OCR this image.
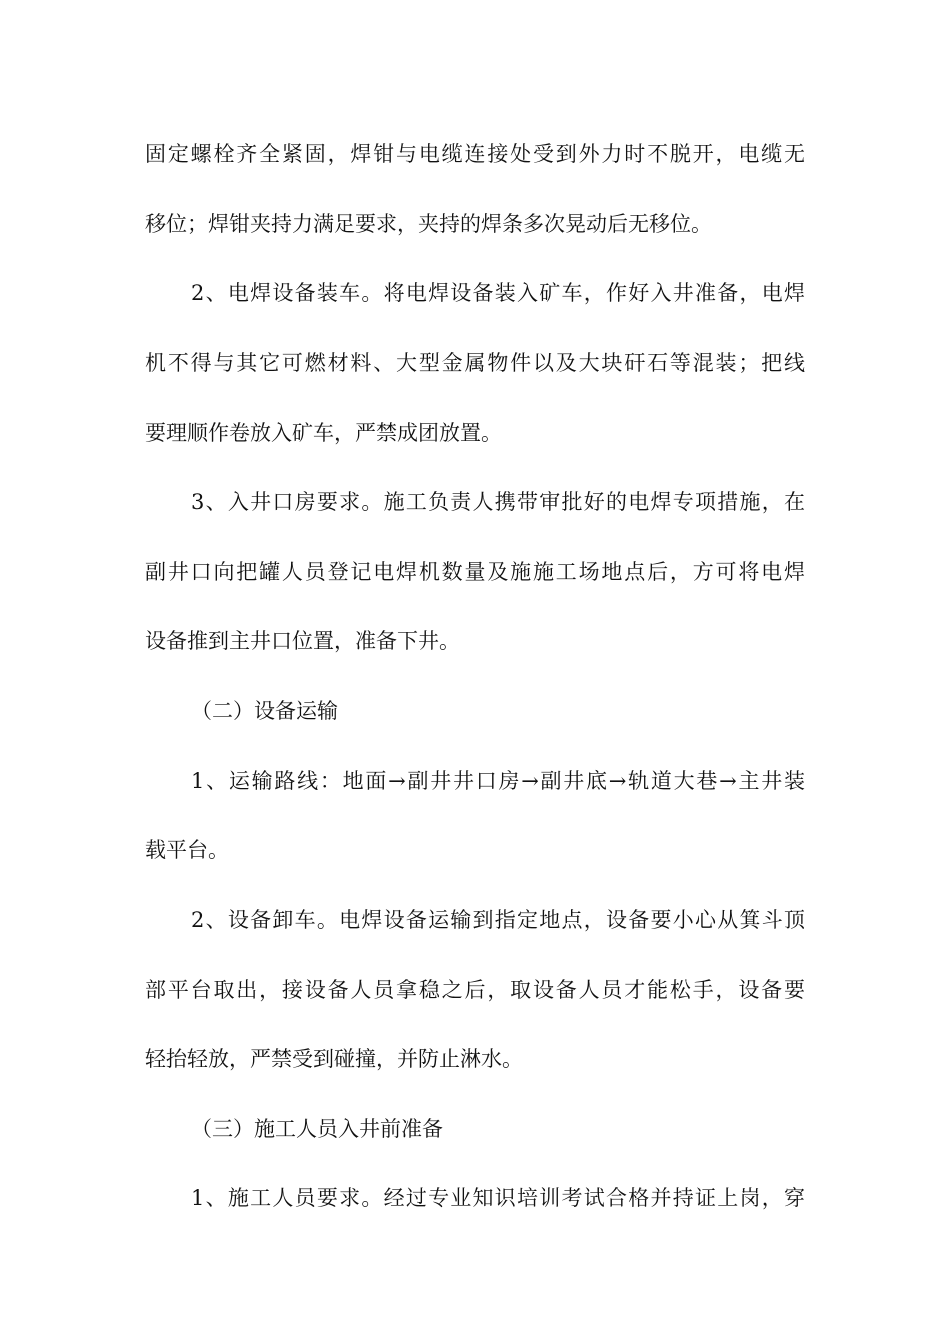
固定螺栓齐全紧固，焊钳与电缆连接处受到外力时不脱开，电缆无
移位；焊钳夹持力满足要求，夹持的焊条多次晃动后无移位。
2、电焊设备装车。将电焊设备装入矿车，作好入井准备，电焊
机不得与其它可燃材料、大型金属物件以及大块矸石等混装；把线
要理顺作卷放入矿车，严禁成团放置。
3、入井口房要求。施工负责人携带审批好的电焊专项措施，在
副井口向把罐人员登记电焊机数量及施施工场地点后，方可将电焊
设备推到主井口位置，准备下井。
（二）设备运输
1、运输路线：地面→副井井口房→副井底→轨道大巷→主井装
载平台。
2、设备卸车。电焊设备运输到指定地点，设备要小心从箕斗顶
部平台取出，接设备人员拿稳之后，取设备人员才能松手，设备要
轻抬轻放，严禁受到碰撞，并防止淋水。
（三）施工人员入井前准备
1、施工人员要求。经过专业知识培训考试合格并持证上岗，穿
